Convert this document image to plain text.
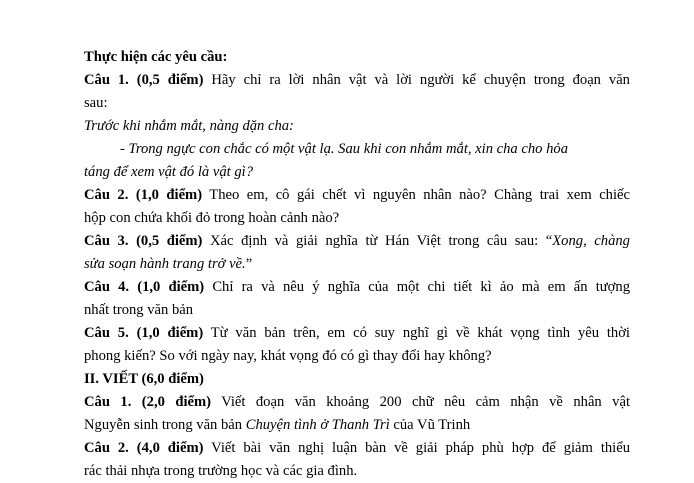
Thực hiện các yêu cầu:
Câu 1. (0,5 điểm) Hãy chỉ ra lời nhân vật và lời người kể chuyện trong đoạn văn
sau:
Trước khi nhắm mắt, nàng dặn cha:
- Trong ngực con chắc có một vật lạ. Sau khi con nhắm mắt, xin cha cho hỏa
táng để xem vật đó là vật gì?
Câu 2. (1,0 điểm) Theo em, cô gái chết vì nguyên nhân nào? Chàng trai xem chiếc
hộp con chứa khối đỏ trong hoàn cảnh nào?
Câu 3. (0,5 điểm) Xác định và giải nghĩa từ Hán Việt trong câu sau: “Xong, chàng
sửa soạn hành trang trở về.”
Câu 4. (1,0 điểm) Chỉ ra và nêu ý nghĩa của một chi tiết kì ảo mà em ấn tượng
nhất trong văn bản
Câu 5. (1,0 điểm) Từ văn bản trên, em có suy nghĩ gì về khát vọng tình yêu thời
phong kiến? So với ngày nay, khát vọng đó có gì thay đổi hay không?
II. VIẾT (6,0 điểm)
Câu 1. (2,0 điểm) Viết đoạn văn khoảng 200 chữ nêu cảm nhận về nhân vật
Nguyễn sinh trong văn bản Chuyện tình ở Thanh Trì của Vũ Trinh
Câu 2. (4,0 điểm) Viết bài văn nghị luận bàn về giải pháp phù hợp để giảm thiểu
rác thải nhựa trong trường học và các gia đình.
